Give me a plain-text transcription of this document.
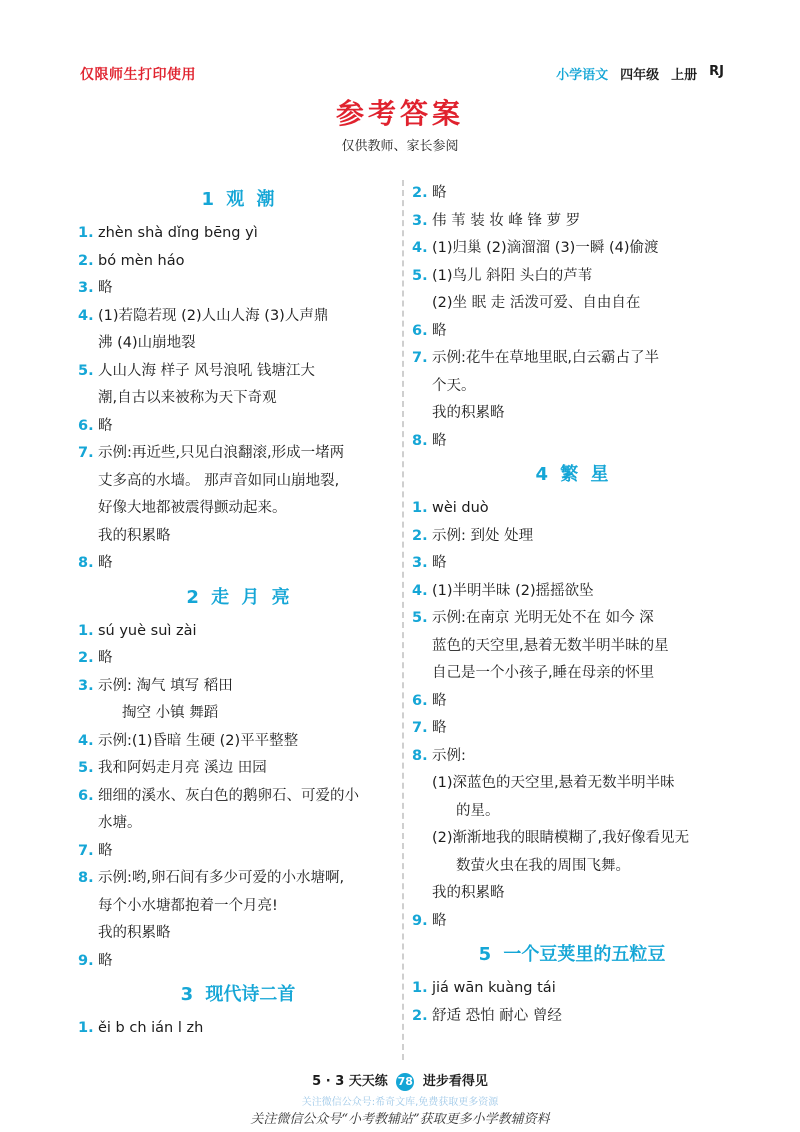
仅限师生打印使用	小学语文 四年级 上册 RJ
参考答案
仅供教师、家长参阅
1 观 潮
1. zhèn shà dǐng bēng yì
2. bó mèn háo
3. 略
4. (1)若隐若现 (2)人山人海 (3)人声鼎
沸 (4)山崩地裂
5. 人山人海 样子 风号浪吼 钱塘江大
潮,自古以来被称为天下奇观
6. 略
7. 示例:再近些,只见白浪翻滚,形成一堵两
丈多高的水墙。 那声音如同山崩地裂,
好像大地都被震得颤动起来。
我的积累略
8. 略
2 走 月 亮
1. sú yuè suì zài
2. 略
3. 示例: 淘气 填写 稻田
掏空 小镇 舞蹈
4. 示例:(1)昏暗 生硬 (2)平平整整
5. 我和阿妈走月亮 溪边 田园
6. 细细的溪水、灰白色的鹅卵石、可爱的小
水塘。
7. 略
8. 示例:哟,卵石间有多少可爱的小水塘啊,
每个小水塘都抱着一个月亮!
我的积累略
9. 略
3 现代诗二首
1. ěi b ch ián l zh
2. 略
3. 伟 苇 装 妆 峰 锋 萝 罗
4. (1)归巢 (2)滴溜溜 (3)一瞬 (4)偷渡
5. (1)鸟儿 斜阳 头白的芦苇
(2)坐 眠 走 活泼可爱、自由自在
6. 略
7. 示例:花牛在草地里眠,白云霸占了半
个天。
我的积累略
8. 略
4 繁 星
1. wèi duò
2. 示例: 到处 处理
3. 略
4. (1)半明半昧 (2)摇摇欲坠
5. 示例:在南京 光明无处不在 如今 深
蓝色的天空里,悬着无数半明半昧的星
自己是一个小孩子,睡在母亲的怀里
6. 略
7. 略
8. 示例:
(1)深蓝色的天空里,悬着无数半明半昧
的星。
(2)渐渐地我的眼睛模糊了,我好像看见无
数萤火虫在我的周围飞舞。
我的积累略
9. 略
5 一个豆荚里的五粒豆
1. jiá wān kuàng tái
2. 舒适 恐怕 耐心 曾经
5 · 3 天天练 78 进步看得见
关注微信公众号:希奇文库,免费获取更多资源
关注微信公众号“小考教辅站”获取更多小学教辅资料
